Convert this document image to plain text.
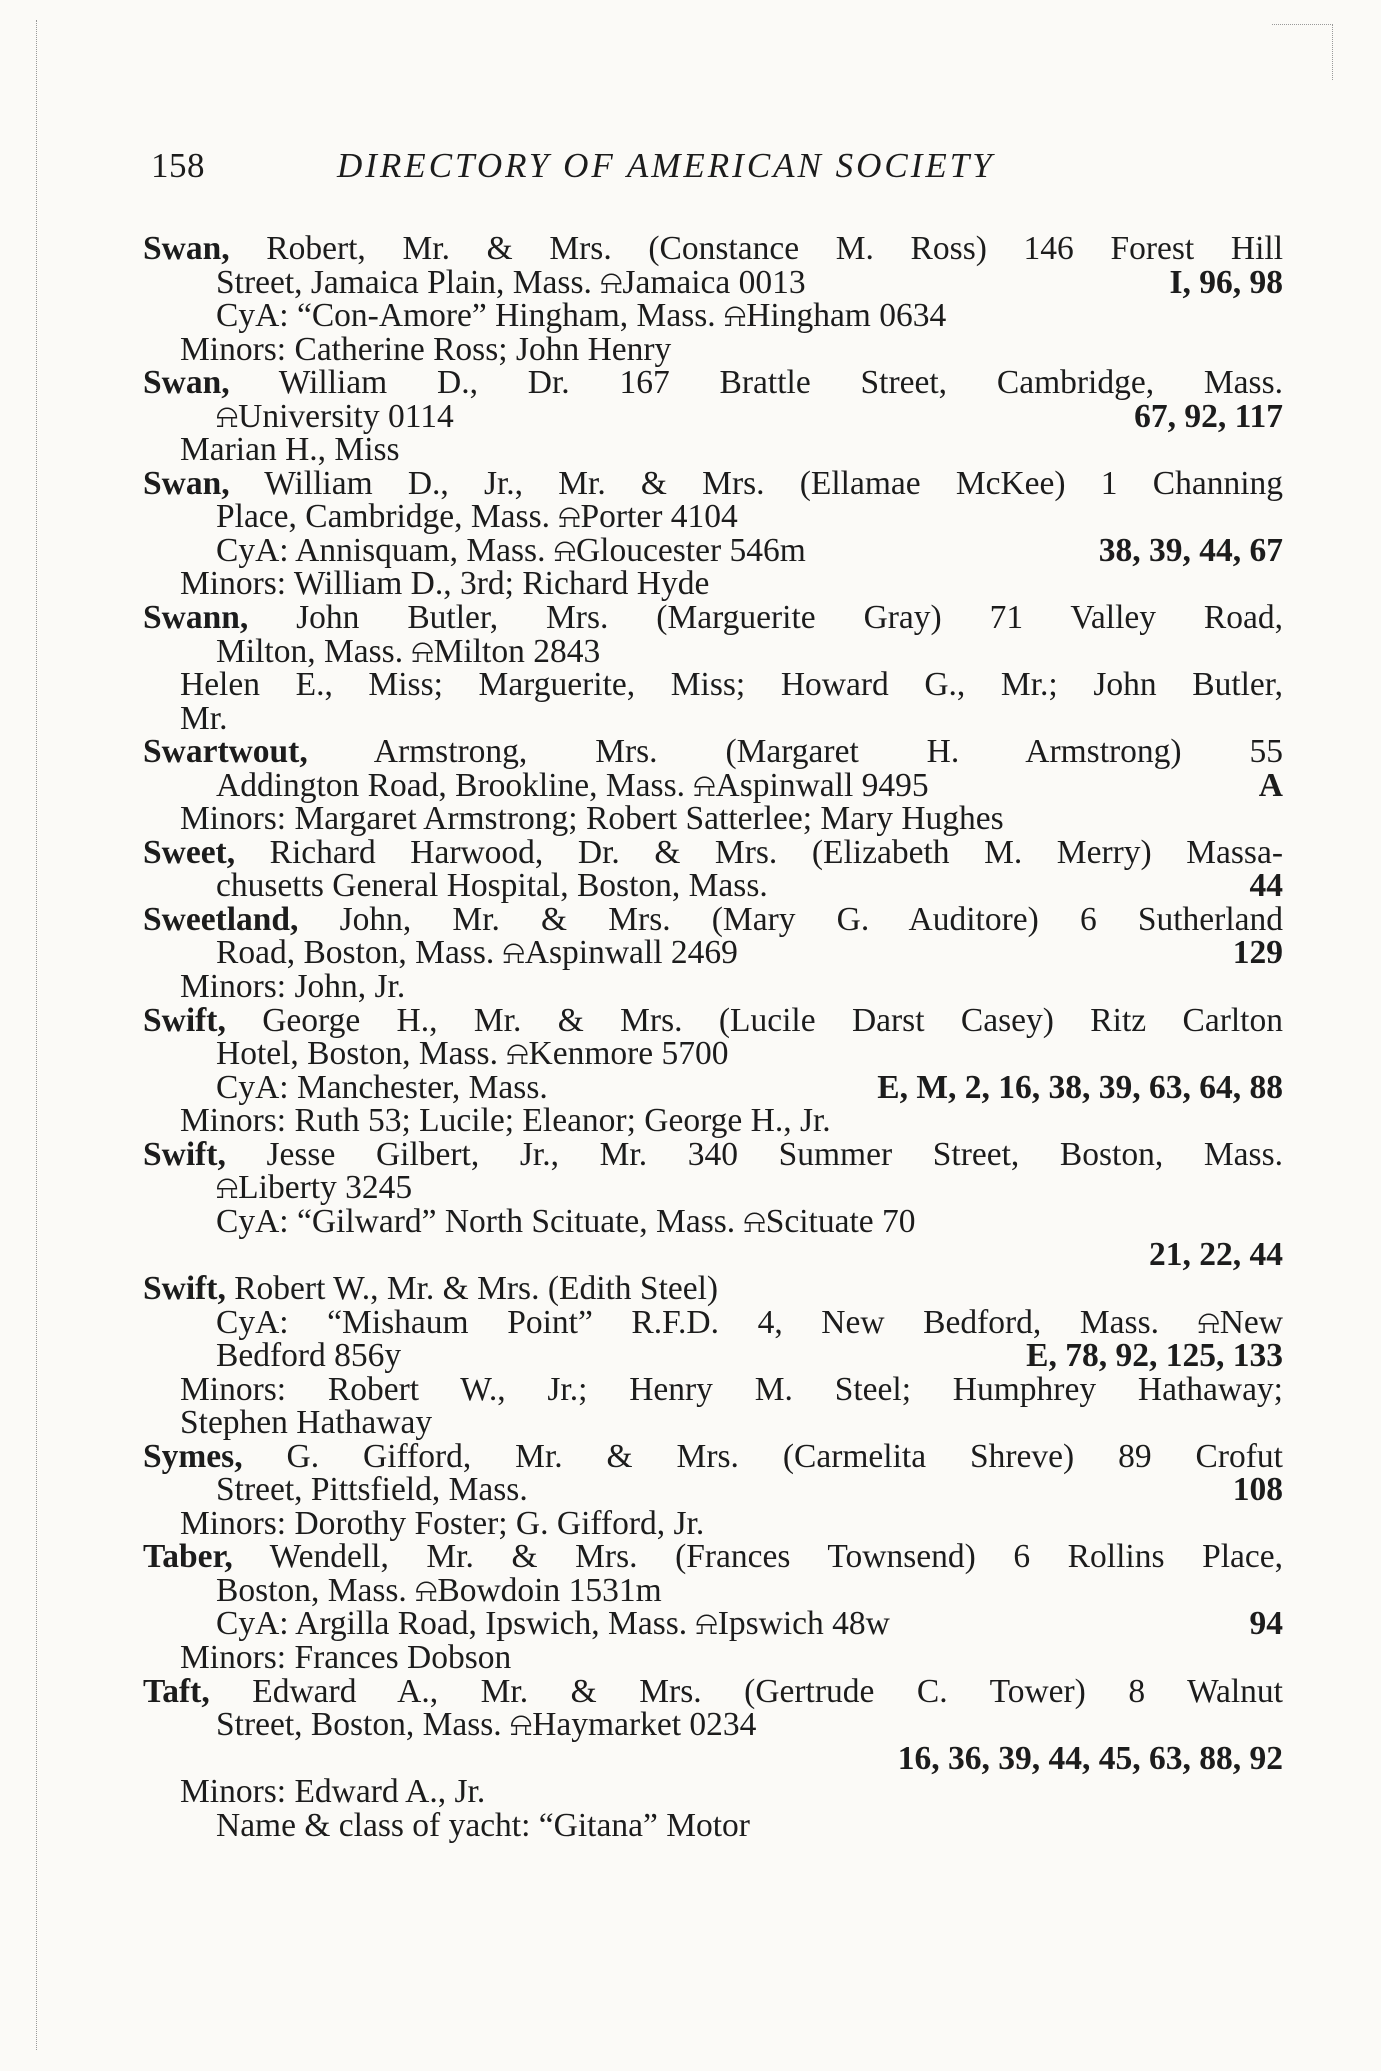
158	DIRECTORY OF AMERICAN SOCIETY
Swan, Robert, Mr. & Mrs. (Constance M. Ross) 146 Forest Hill
Street, Jamaica Plain, Mass. ⍾Jamaica 0013	I, 96, 98
CyA: “Con-Amore” Hingham, Mass. ⍾Hingham 0634
Minors: Catherine Ross; John Henry
Swan, William D., Dr. 167 Brattle Street, Cambridge, Mass.
⍾University 0114	67, 92, 117
Marian H., Miss
Swan, William D., Jr., Mr. & Mrs. (Ellamae McKee) 1 Channing
Place, Cambridge, Mass. ⍾Porter 4104
CyA: Annisquam, Mass. ⍾Gloucester 546m	38, 39, 44, 67
Minors: William D., 3rd; Richard Hyde
Swann, John Butler, Mrs. (Marguerite Gray) 71 Valley Road,
Milton, Mass. ⍾Milton 2843
Helen E., Miss; Marguerite, Miss; Howard G., Mr.; John Butler,
Mr.
Swartwout, Armstrong, Mrs. (Margaret H. Armstrong) 55
Addington Road, Brookline, Mass. ⍾Aspinwall 9495	A
Minors: Margaret Armstrong; Robert Satterlee; Mary Hughes
Sweet, Richard Harwood, Dr. & Mrs. (Elizabeth M. Merry) Massa-
chusetts General Hospital, Boston, Mass.	44
Sweetland, John, Mr. & Mrs. (Mary G. Auditore) 6 Sutherland
Road, Boston, Mass. ⍾Aspinwall 2469	129
Minors: John, Jr.
Swift, George H., Mr. & Mrs. (Lucile Darst Casey) Ritz Carlton
Hotel, Boston, Mass. ⍾Kenmore 5700
CyA: Manchester, Mass.	E, M, 2, 16, 38, 39, 63, 64, 88
Minors: Ruth 53; Lucile; Eleanor; George H., Jr.
Swift, Jesse Gilbert, Jr., Mr. 340 Summer Street, Boston, Mass.
⍾Liberty 3245
CyA: “Gilward” North Scituate, Mass. ⍾Scituate 70
21, 22, 44
Swift, Robert W., Mr. & Mrs. (Edith Steel)
CyA: “Mishaum Point” R.F.D. 4, New Bedford, Mass. ⍾New
Bedford 856y	E, 78, 92, 125, 133
Minors: Robert W., Jr.; Henry M. Steel; Humphrey Hathaway;
Stephen Hathaway
Symes, G. Gifford, Mr. & Mrs. (Carmelita Shreve) 89 Crofut
Street, Pittsfield, Mass.	108
Minors: Dorothy Foster; G. Gifford, Jr.
Taber, Wendell, Mr. & Mrs. (Frances Townsend) 6 Rollins Place,
Boston, Mass. ⍾Bowdoin 1531m
CyA: Argilla Road, Ipswich, Mass. ⍾Ipswich 48w	94
Minors: Frances Dobson
Taft, Edward A., Mr. & Mrs. (Gertrude C. Tower) 8 Walnut
Street, Boston, Mass. ⍾Haymarket 0234
16, 36, 39, 44, 45, 63, 88, 92
Minors: Edward A., Jr.
Name & class of yacht: “Gitana” Motor
